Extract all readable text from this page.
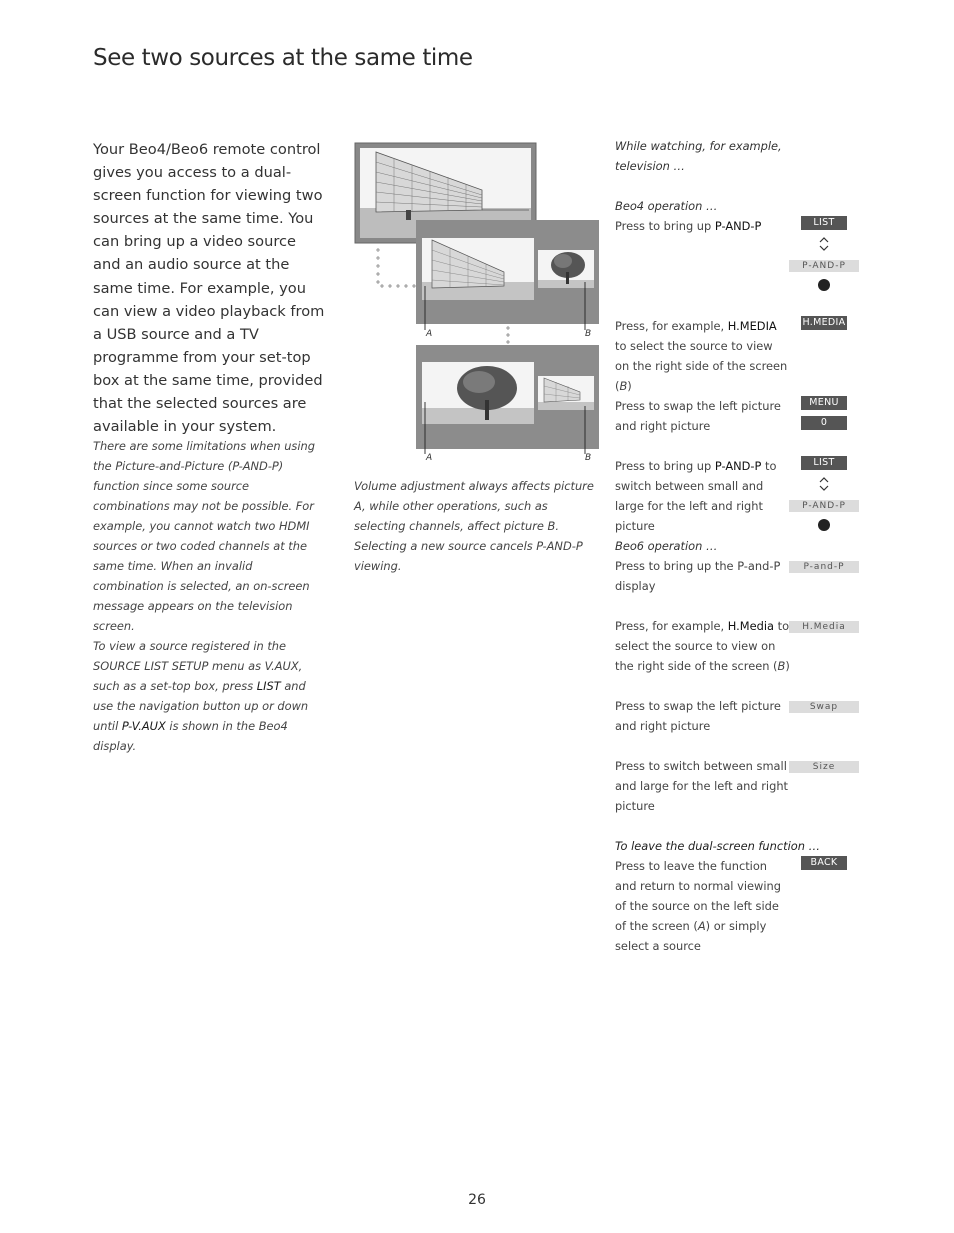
See two sources at the same time
Your Beo4/Beo6 remote control gives you access to a dual-screen function for viewing two sources at the same time. You can bring up a video source and an audio source at the same time. For example, you can view a video playback from a USB source and a TV programme from your set-top box at the same time, provided that the selected sources are available in your system.
There are some limitations when using the Picture-and-Picture (P-AND-P) function since some source combinations may not be possible. For example, you cannot watch two HDMI sources or two coded channels at the same time. When an invalid combination is selected, an on-screen message appears on the television screen.
To view a source registered in the SOURCE LIST SETUP menu as V.AUX, such as a set-top box, press LIST and use the navigation button up or down until P-V.AUX is shown in the Beo4 display.
A	B
A	B
Volume adjustment always affects picture A, while other operations, such as selecting channels, affect picture B. Selecting a new source cancels P-AND-P viewing.
While watching, for example, television …
Beo4 operation …
Press to bring up P-AND-P
Press, for example, H.MEDIA to select the source to view on the right side of the screen (B)
Press to swap the left picture and right picture
Press to bring up P-AND-P to switch between small and large for the left and right picture
Beo6 operation …
Press to bring up the P-and-P display
Press, for example, H.Media to select the source to view on the right side of the screen (B)
Press to swap the left picture and right picture
Press to switch between small and large for the left and right picture
To leave the dual-screen function …
Press to leave the function and return to normal viewing of the source on the left side of the screen (A) or simply select a source
LIST
P-AND-P
H.MEDIA
MENU
0
LIST
P-AND-P
P-and-P
H.Media
Swap
Size
BACK
26
